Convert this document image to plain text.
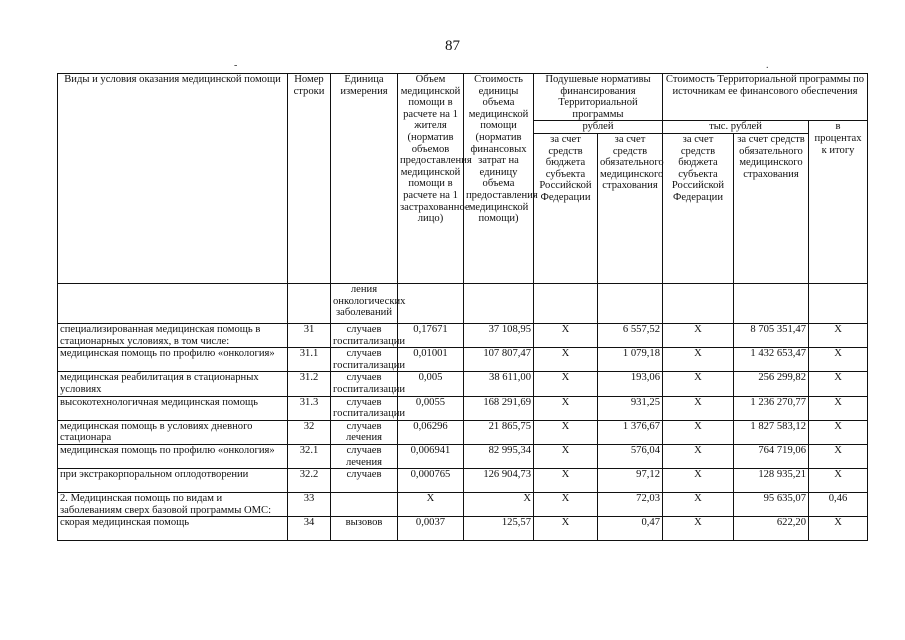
87
Виды и условия оказания медицинской помощи	Номер строки	Единица измерения	Объем медицинской помощи в расчете на 1 жителя (норматив объемов предоставления медицинской помощи в расчете на 1 застрахованное лицо)	Стоимость единицы объема медицинской помощи (норматив финансовых затрат на единицу объема предоставления медицинской помощи)	Подушевые нормативы финансирования Территориальной программы		Стоимость Территориальной программы по источникам ее финансового обеспечения		
					рублей		тыс. рублей		в процентах к итогу
					за счет средств бюджета субъекта Российской Федерации	за счет средств обязательного медицинского страхования	за счет средств бюджета субъекта Российской Федерации	за счет средств обязательного медицинского страхования	
		ления онкологических заболеваний							
специализированная медицинская помощь в стационарных условиях, в том числе:	31	случаев госпитализации	0,17671	37 108,95	X	6 557,52	X	8 705 351,47	X
медицинская помощь по профилю «онкология»	31.1	случаев госпитализации	0,01001	107 807,47	X	1 079,18	X	1 432 653,47	X
медицинская реабилитация в стационарных условиях	31.2	случаев госпитализации	0,005	38 611,00	X	193,06	X	256 299,82	X
высокотехнологичная медицинская помощь	31.3	случаев госпитализации	0,0055	168 291,69	X	931,25	X	1 236 270,77	X
медицинская помощь в условиях дневного стационара	32	случаев лечения	0,06296	21 865,75	X	1 376,67	X	1 827 583,12	X
медицинская помощь по профилю «онкология»	32.1	случаев лечения	0,006941	82 995,34	X	576,04	X	764 719,06	X
при экстракорпоральном оплодотворении	32.2	случаев	0,000765	126 904,73	X	97,12	X	128 935,21	X
2. Медицинская помощь по видам и заболеваниям сверх базовой программы ОМС:	33		X	X	X	72,03	X	95 635,07	0,46
скорая медицинская помощь	34	вызовов	0,0037	125,57	X	0,47	X	622,20	X
-	.
